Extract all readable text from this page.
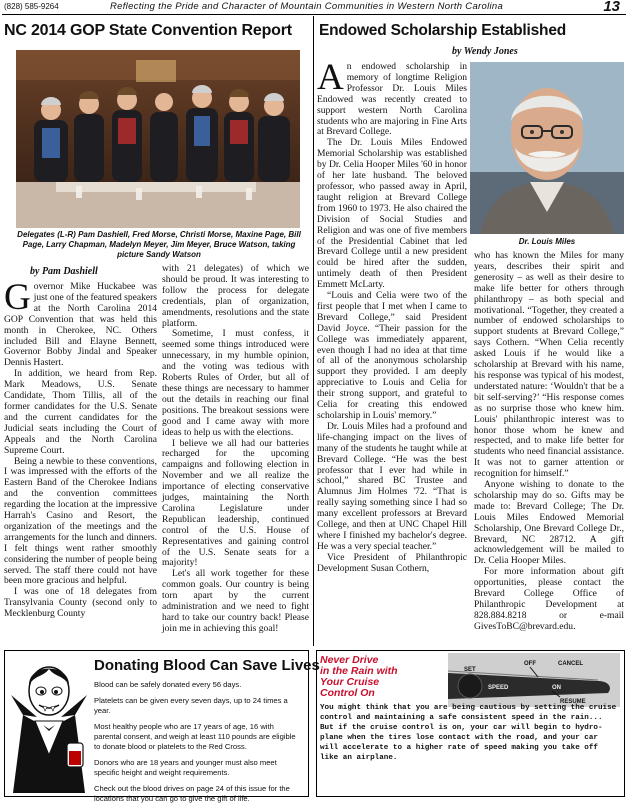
(828) 585-9264	Reflecting the Pride and Character of Mountain Communities in Western North Carolina	13
NC 2014 GOP State Convention Report
Delegates (L-R) Pam Dashiell, Fred Morse, Christi Morse, Maxine Page, Bill Page, Larry Chapman, Madelyn Meyer, Jim Meyer, Bruce Watson, taking picture Sandy Watson
by Pam Dashiell

Governor Mike Huckabee was just one of the featured speakers at the North Carolina 2014 GOP Convention that was held this month in Cherokee, NC. Others included Bill and Elayne Bennett, Governor Bobby Jindal and Speaker Dennis Hastert.

In addition, we heard from Rep. Mark Meadows, U.S. Senate Candidate, Thom Tillis, all of the former candidates for the U.S. Senate and the current candidates for the Judicial seats including the Court of Appeals and the North Carolina Supreme Court.

Being a newbie to these conventions, I was impressed with the efforts of the Eastern Band of the Cherokee Indians and the convention committees regarding the location at the impressive Harrah's Casino and Resort, the organization of the meetings and the arrangements for the lunch and dinners. I felt things went rather smoothly considering the number of people being served. The staff there could not have been more gracious and helpful.

I was one of 18 delegates from Transylvania County (second only to Mecklenburg County

with 21 delegates) of which we should be proud. It was interesting to follow the process for delegate credentials, plan of organization, amendments, resolutions and the state platform.

Sometime, I must confess, it seemed some things introduced were unnecessary, in my humble opinion, and the voting was tedious with Roberts Rules of Order, but all of these things are necessary to hammer out the details in reaching our final positions. The breakout sessions were good and I came away with more ideas to help us with the elections.

I believe we all had our batteries recharged for the upcoming campaigns and following election in November and we all realize the importance of electing conservative judges, maintaining the North Carolina Legislature under Republican leadership, continued control of the U.S. House of Representatives and gaining control of the U.S. Senate seats for a majority!

Let's all work together for these common goals. Our country is being torn apart by the current administration and we need to fight hard to take our country back! Please join me in achieving this goal!

Endowed Scholarship Established
by Wendy Jones
Dr. Louis Miles

An endowed scholarship in memory of longtime Religion Professor Dr. Louis Miles Endowed was recently created to support western North Carolina students who are majoring in Fine Arts at Brevard College.

The Dr. Louis Miles Endowed Memorial Scholarship was established by Dr. Celia Hooper Miles '60 in honor of her late husband. The beloved professor, who passed away in April, taught religion at Brevard College from 1960 to 1973. He also chaired the Division of Social Studies and Religion and was one of five members of the Presidential Cabinet that led Brevard College until a new president could be hired after the sudden, untimely death of then President Emmett McLarty.

“Louis and Celia were two of the first people that I met when I came to Brevard College,” said President David Joyce. “Their passion for the College was immediately apparent, even though I had no idea at that time of all of the anonymous scholarship support they provided. I am deeply appreciative to Louis and Celia for their strong support, and grateful to Celia for creating this endowed scholarship in Louis' memory.”

Dr. Louis Miles had a profound and life-changing impact on the lives of many of the students he taught while at Brevard College. “He was the best professor that I ever had while in school,” shared BC Trustee and Alumnus Jim Holmes '72. “That is really saying something since I had so many excellent professors at Brevard College, and then at UNC Chapel Hill where I finished my bachelor's degree. He was a very special teacher.”

Vice President of Philanthropic Development Susan Cothern,

who has known the Miles for many years, describes their spirit and generosity – as well as their desire to make life better for others through philanthropy – as both special and motivational. “Together, they created a number of endowed scholarships to support students at Brevard College,” says Cothern. “When Celia recently asked Louis if he would like a scholarship at Brevard with his name, his response was typical of his modest, understated nature: ‘Wouldn't that be a bit self-serving?’ “His response comes as no surprise those who knew him. Louis' philanthropic interest was to honor those whom he knew and respected, and to make life better for students who need financial assistance. It was not to garner attention or recognition for himself.”

Anyone wishing to donate to the scholarship may do so. Gifts may be made to: Brevard College; The Dr. Louis Miles Endowed Memorial Scholarship, One Brevard College Dr., Brevard, NC 28712. A gift acknowledgement will be mailed to Dr. Celia Hooper Miles.

For more information about gift opportunities, please contact the Brevard College Office of Philanthropic Development at 828.884.8218 or e-mail GivesToBC@brevard.edu.

Donating Blood Can Save Lives

Blood can be safely donated every 56 days.

Platelets can be given every seven days, up to 24 times a year.

Most healthy people who are 17 years of age, 16 with parental consent, and weigh at least 110 pounds are eligible to donate blood or platelets to the Red Cross.

Donors who are 18 years and younger must also meet specific height and weight requirements.

Check out the blood drives on page 24 of this issue for the locations that you can go to give the gift of life.

Never Drive
in the Rain with
Your Cruise
Control On
OFF	CANCEL
SPEED	ON
SET
RESUME
You might think that you are being cautious by setting the cruise control and maintaining a safe consistent speed in the rain... But if the cruise control is on, your car will begin to hydro-plane when the tires lose contact with the road, and your car will accelerate to a higher rate of speed making you take off like an airplane.
